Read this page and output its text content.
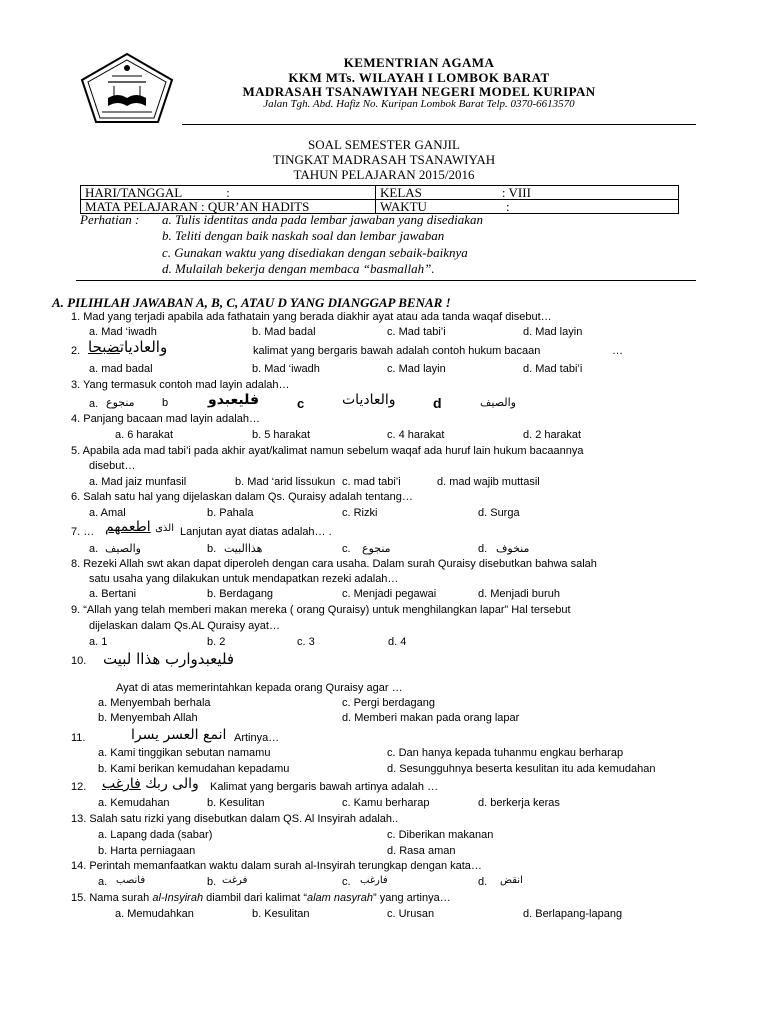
KEMENTRIAN AGAMA
KKM MTs. WILAYAH I LOMBOK BARAT
MADRASAH TSANAWIYAH NEGERI MODEL KURIPAN
Jalan Tgh. Abd. Hafiz No. Kuripan Lombok Barat Telp. 0370-6613570
SOAL SEMESTER GANJIL
TINGKAT MADRASAH TSANAWIYAH
TAHUN PELAJARAN 2015/2016
HARI/TANGGAL :	KELAS : VIII
MATA PELAJARAN : QUR’AN HADITS	WAKTU :
Perhatian : a. Tulis identitas anda pada lembar jawaban yang disediakan
b. Teliti dengan baik naskah soal dan lembar jawaban
c. Gunakan waktu yang disediakan dengan sebaik-baiknya
d. Mulailah bekerja dengan membaca “basmallah”.
A. PILIHLAH JAWABAN A, B, C, ATAU D YANG DIANGGAP BENAR !
1. Mad yang terjadi apabila ada fathatain yang berada diakhir ayat atau ada tanda waqaf disebut…
a. Mad ‘iwadh	b. Mad badal	c. Mad tabi’i	d. Mad layin
2.	والعادياتضبحا	kalimat yang bergaris bawah adalah contoh hukum bacaan	…
a. mad badal	b. Mad ‘iwadh	c. Mad layin	d. Mad tabi’i
3. Yang termasuk contoh mad layin adalah…
a. منجوع b	فليعبدو	c	والعاديات	d	والصيف
4. Panjang bacaan mad layin adalah…
a. 6 harakat	b. 5 harakat	c. 4 harakat	d. 2 harakat
5. Apabila ada mad tabi’i pada akhir ayat/kalimat namun sebelum waqaf ada huruf lain hukum bacaannya
disebut…
a. Mad jaiz munfasil	b. Mad ‘arid lissukun c. mad tabi’i	d. mad wajib muttasil
6. Salah satu hal yang dijelaskan dalam Qs. Quraisy adalah tentang…
a. Amal	b. Pahala	c. Rizki	d. Surga
7. …	الذى اطعمهم	Lanjutan ayat diatas adalah… .
a. والصيف	b. هذاالبيت	c. منجوع	d. منخوف
8. Rezeki Allah swt akan dapat diperoleh dengan cara usaha. Dalam surah Quraisy disebutkan bahwa salah
satu usaha yang dilakukan untuk mendapatkan rezeki adalah…
a. Bertani	b. Berdagang	c. Menjadi pegawai	d. Menjadi buruh
9. “Allah yang telah memberi makan mereka ( orang Quraisy) untuk menghilangkan lapar” Hal tersebut
dijelaskan dalam Qs.AL Quraisy ayat…
a. 1	b. 2	c. 3	d. 4
10. فليعبدوارب هذاا لبيت
Ayat di atas memerintahkan kepada orang Quraisy agar …
a. Menyembah berhala	c. Pergi berdagang
b. Menyembah Allah	d. Memberi makan pada orang lapar
11.	انمع العسر يسرا Artinya…
a. Kami tinggikan sebutan namamu	c. Dan hanya kepada tuhanmu engkau berharap
b. Kami berikan kemudahan kepadamu	d. Sesungguhnya beserta kesulitan itu ada kemudahan
12.	والى ربك فارغب	Kalimat yang bergaris bawah artinya adalah …
a. Kemudahan	b. Kesulitan	c. Kamu berharap	d. berkerja keras
13. Salah satu rizki yang disebutkan dalam QS. Al Insyirah adalah..
a. Lapang dada (sabar)	c. Diberikan makanan
b. Harta perniagaan	d. Rasa aman
14. Perintah memanfaatkan waktu dalam surah al-Insyirah terungkap dengan kata…
a. فانصب	b. فرغت	c. فارغب	d. انقض
15. Nama surah al-Insyirah diambil dari kalimat “alam nasyrah” yang artinya…
a. Memudahkan	b. Kesulitan	c. Urusan	d. Berlapang-lapang
